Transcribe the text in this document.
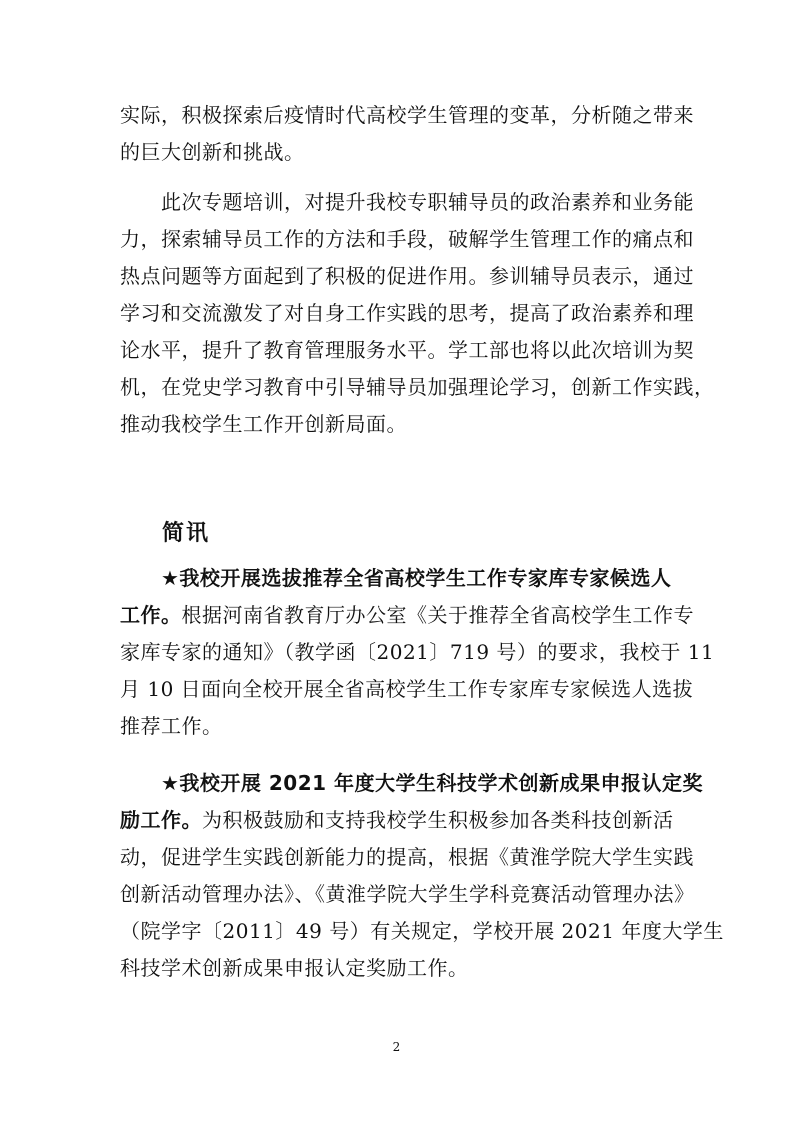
实际，积极探索后疫情时代高校学生管理的变革，分析随之带来
的巨大创新和挑战。
　　此次专题培训，对提升我校专职辅导员的政治素养和业务能
力，探索辅导员工作的方法和手段，破解学生管理工作的痛点和
热点问题等方面起到了积极的促进作用。参训辅导员表示，通过
学习和交流激发了对自身工作实践的思考，提高了政治素养和理
论水平，提升了教育管理服务水平。学工部也将以此次培训为契
机，在党史学习教育中引导辅导员加强理论学习，创新工作实践，
推动我校学生工作开创新局面。
简讯
　　★我校开展选拔推荐全省高校学生工作专家库专家候选人
工作。根据河南省教育厅办公室《关于推荐全省高校学生工作专
家库专家的通知》（教学函〔2021〕719 号）的要求，我校于 11
月 10 日面向全校开展全省高校学生工作专家库专家候选人选拔
推荐工作。
　　★我校开展 2021 年度大学生科技学术创新成果申报认定奖
励工作。为积极鼓励和支持我校学生积极参加各类科技创新活
动，促进学生实践创新能力的提高，根据《黄淮学院大学生实践
创新活动管理办法》、《黄淮学院大学生学科竞赛活动管理办法》
（院学字〔2011〕49 号）有关规定，学校开展 2021 年度大学生
科技学术创新成果申报认定奖励工作。
2
